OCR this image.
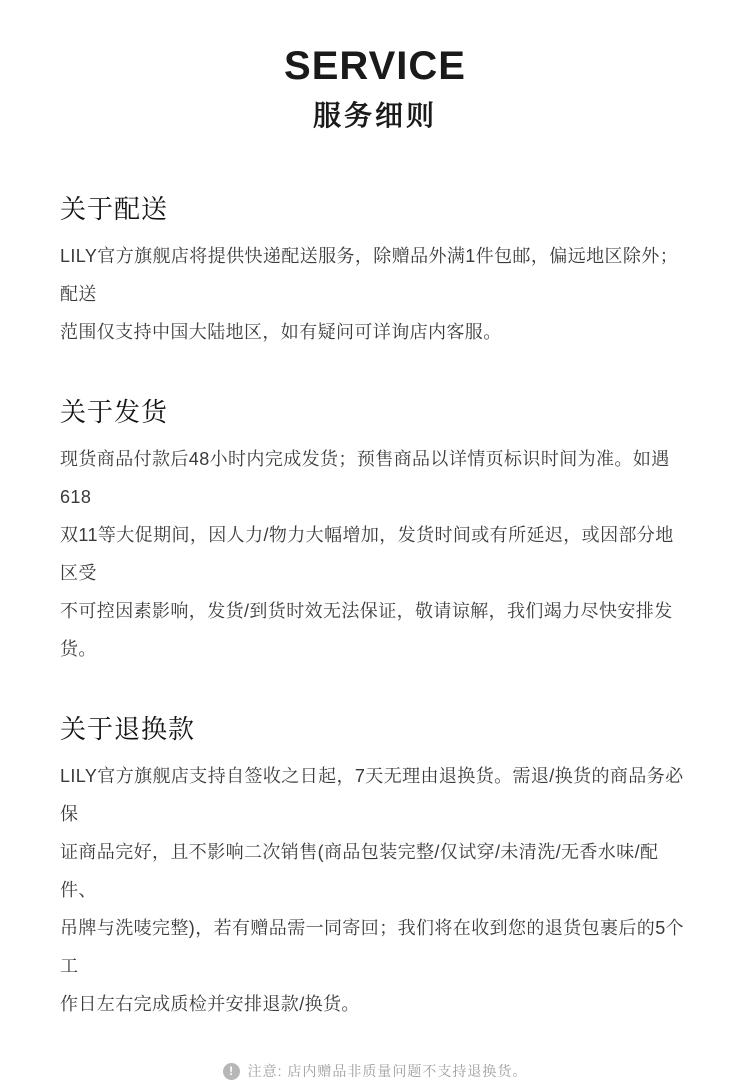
SERVICE
服务细则
关于配送
LILY官方旗舰店将提供快递配送服务，除赠品外满1件包邮，偏远地区除外；配送
范围仅支持中国大陆地区，如有疑问可详询店内客服。
关于发货
现货商品付款后48小时内完成发货；预售商品以详情页标识时间为准。如遇618
双11等大促期间，因人力/物力大幅增加，发货时间或有所延迟，或因部分地区受
不可控因素影响，发货/到货时效无法保证，敬请谅解，我们竭力尽快安排发货。
关于退换款
LILY官方旗舰店支持自签收之日起，7天无理由退换货。需退/换货的商品务必保
证商品完好，且不影响二次销售(商品包装完整/仅试穿/未清洗/无香水味/配件、
吊牌与洗唛完整)，若有赠品需一同寄回；我们将在收到您的退货包裹后的5个工
作日左右完成质检并安排退款/换货。
!	注意: 店内赠品非质量问题不支持退换货。
